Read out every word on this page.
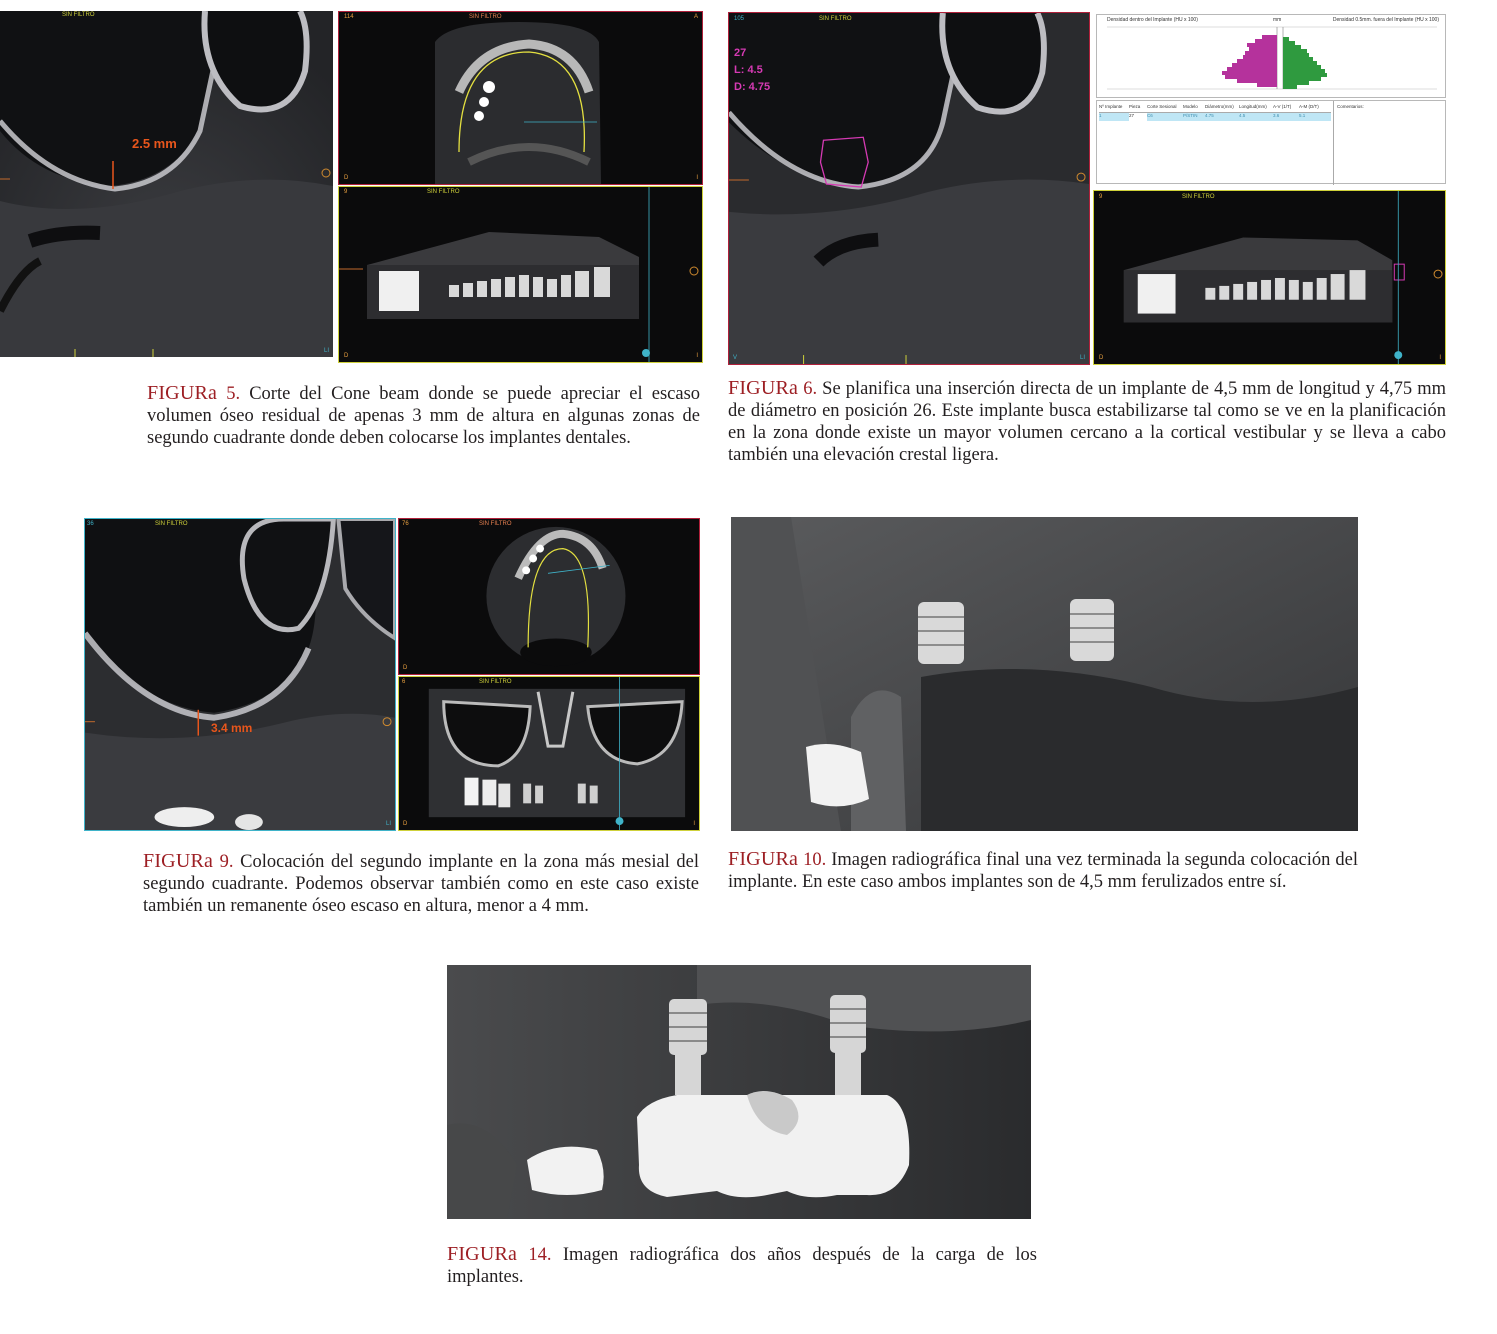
SIN FILTRO
2.5 mm
LI
114	SIN FILTRO	A
D	I
9	SIN FILTRO
D	I
FIGURa 5. Corte del Cone beam donde se puede apreciar el escaso volumen óseo residual de apenas 3 mm de altura en algunas zonas de segundo cuadrante donde deben colocarse los implantes dentales.
105	SIN FILTRO
27
L: 4.5
D: 4.75
V	LI
Densidad dentro del Implante (HU x 100)	mm	Densidad 0.5mm. fuera del Implante (HU x 100)
Nº Implante	Pieza	Corte Sesional	Modelo	Diámetro(mm)	Longitud(mm)	A-V (1/T)	A-M (D/T)
1	27	C6	P/STIN	4.75	4.5	3.6	5.1
Comentarios:
9	SIN FILTRO
D	I
FIGURa 6. Se planifica una inserción directa de un implante de 4,5 mm de longitud y 4,75 mm de diámetro en posición 26. Este implante busca estabilizarse tal como se ve en la planificación en la zona donde existe un mayor volumen cercano a la cortical vestibular y se lleva a cabo también una elevación crestal ligera.
36	SIN FILTRO
3.4 mm
LI
76	SIN FILTRO
D
6	SIN FILTRO
D	I
FIGURa 9. Colocación del segundo implante en la zona más mesial del segundo cuadrante. Podemos observar también como en este caso existe también un remanente óseo escaso en altura, menor a 4 mm.
FIGURa 10. Imagen radiográfica final una vez terminada la segunda colocación del implante. En este caso ambos implantes son de 4,5 mm ferulizados entre sí.
FIGURa 14. Imagen radiográfica dos años después de la carga de los implantes.
